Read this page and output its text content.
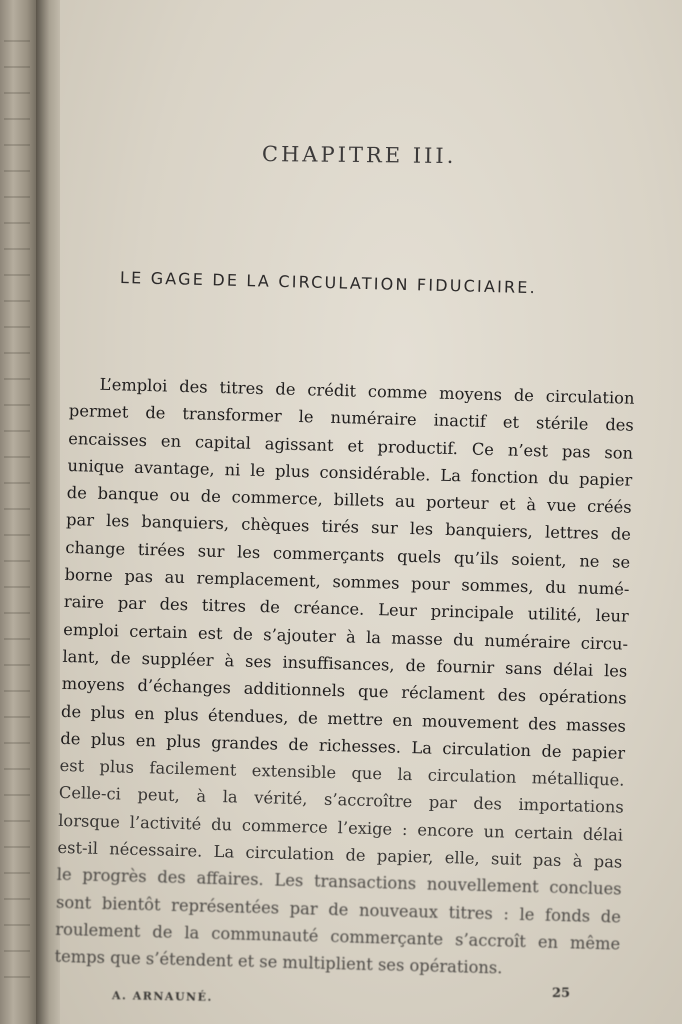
CHAPITRE III.
LE GAGE DE LA CIRCULATION FIDUCIAIRE.
L’emploi des titres de crédit comme moyens de circulation
permet de transformer le numéraire inactif et stérile des
encaisses en capital agissant et productif. Ce n’est pas son
unique avantage, ni le plus considérable. La fonction du papier
de banque ou de commerce, billets au porteur et à vue créés
par les banquiers, chèques tirés sur les banquiers, lettres de
change tirées sur les commerçants quels qu’ils soient, ne se
borne pas au remplacement, sommes pour sommes, du numé-
raire par des titres de créance. Leur principale utilité, leur
emploi certain est de s’ajouter à la masse du numéraire circu-
lant, de suppléer à ses insuffisances, de fournir sans délai les
moyens d’échanges additionnels que réclament des opérations
de plus en plus étendues, de mettre en mouvement des masses
de plus en plus grandes de richesses. La circulation de papier
est plus facilement extensible que la circulation métallique.
Celle-ci peut, à la vérité, s’accroître par des importations
lorsque l’activité du commerce l’exige : encore un certain délai
est-il nécessaire. La circulation de papier, elle, suit pas à pas
le progrès des affaires. Les transactions nouvellement conclues
sont bientôt représentées par de nouveaux titres : le fonds de
roulement de la communauté commerçante s’accroît en même
temps que s’étendent et se multiplient ses opérations.
A. ARNAUNÉ.	25
